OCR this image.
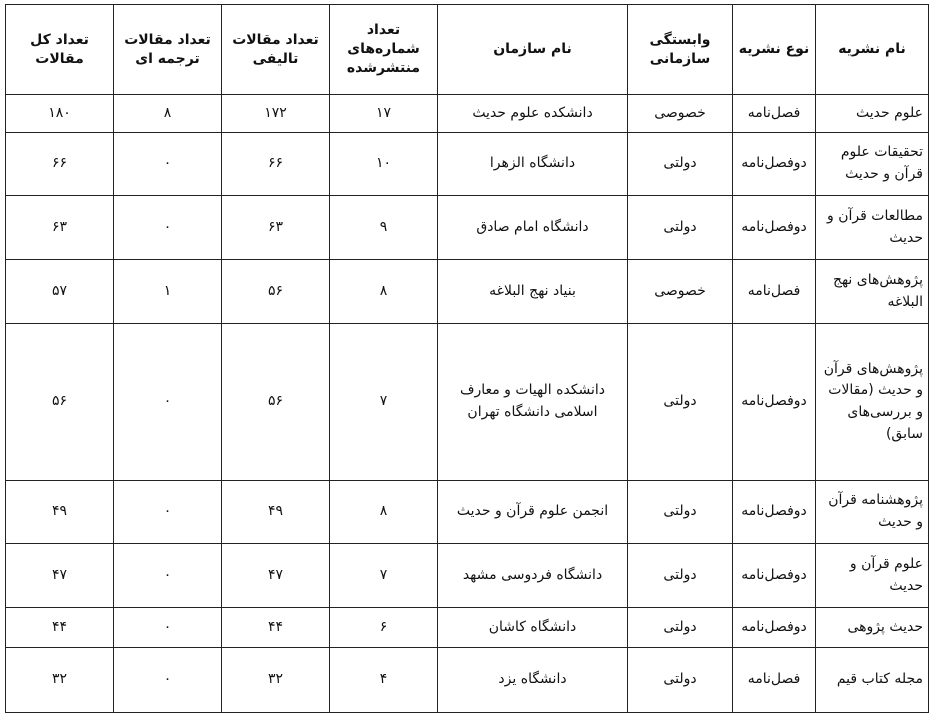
نام نشریه	نوع نشریه	وابستگی سازمانی	نام سازمان	تعداد شماره‌های منتشرشده	تعداد مقالات تالیفی	تعداد مقالات ترجمه ای	تعداد کل مقالات
علوم حدیث	فصل‌نامه	خصوصی	دانشکده علوم حدیث	۱۷	۱۷۲	۸	۱۸۰
تحقیقات علوم قرآن و حدیث	دوفصل‌نامه	دولتی	دانشگاه الزهرا	۱۰	۶۶	۰	۶۶
مطالعات قرآن و حدیث	دوفصل‌نامه	دولتی	دانشگاه امام صادق	۹	۶۳	۰	۶۳
پژوهش‌های نهج البلاغه	فصل‌نامه	خصوصی	بنیاد نهج البلاغه	۸	۵۶	۱	۵۷
پژوهش‌های قرآن و حدیث (مقالات و بررسی‌های سابق)	دوفصل‌نامه	دولتی	دانشکده الهیات و معارف اسلامی دانشگاه تهران	۷	۵۶	۰	۵۶
پژوهشنامه قرآن و حدیث	دوفصل‌نامه	دولتی	انجمن علوم قرآن و حدیث	۸	۴۹	۰	۴۹
علوم قرآن و حدیث	دوفصل‌نامه	دولتی	دانشگاه فردوسی مشهد	۷	۴۷	۰	۴۷
حدیث پژوهی	دوفصل‌نامه	دولتی	دانشگاه کاشان	۶	۴۴	۰	۴۴
مجله کتاب قیم	فصل‌نامه	دولتی	دانشگاه یزد	۴	۳۲	۰	۳۲
